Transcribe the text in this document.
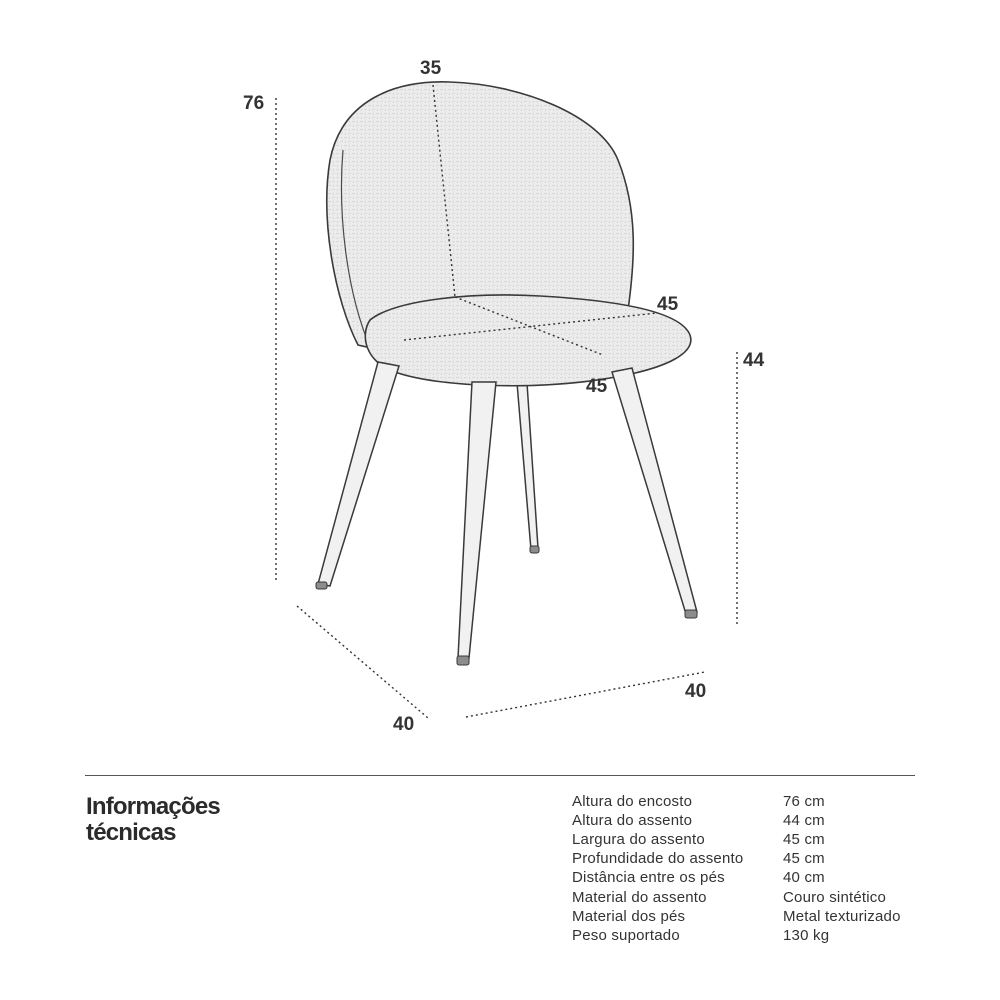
35
76
45
44
45
40
40
Informações
técnicas
Altura do encosto	76 cm
Altura do assento	44 cm
Largura do assento	45 cm
Profundidade do assento	45 cm
Distância entre os pés	40 cm
Material do assento	Couro sintético
Material dos pés	Metal texturizado
Peso suportado	130 kg
